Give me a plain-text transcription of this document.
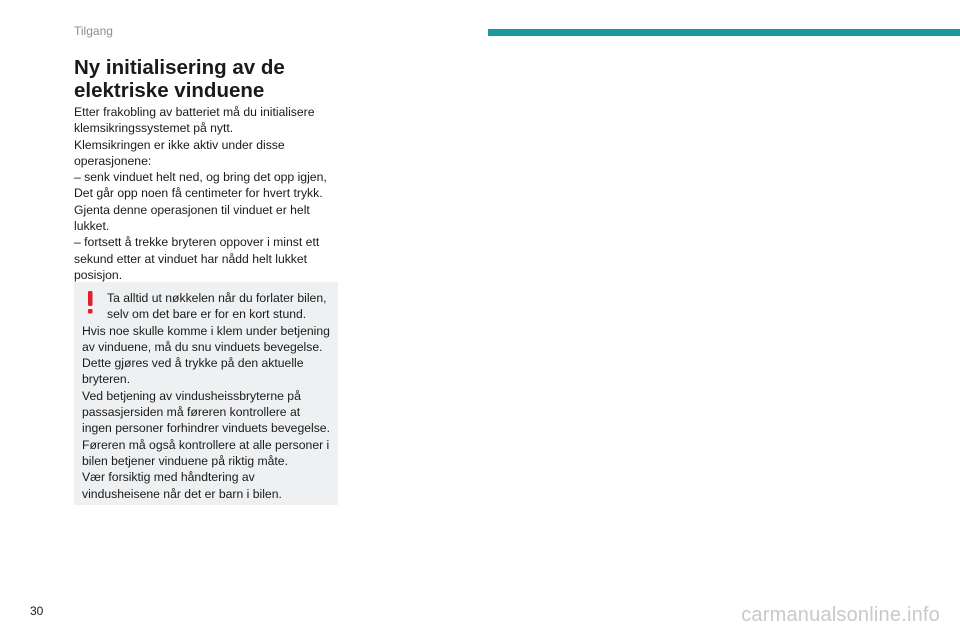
Tilgang
Ny initialisering av de elektriske vinduene

Etter frakobling av batteriet må du initialisere klemsikringssystemet på nytt.

Klemsikringen er ikke aktiv under disse operasjonene:

– senk vinduet helt ned, og bring det opp igjen, Det går opp noen få centimeter for hvert trykk. Gjenta denne operasjonen til vinduet er helt lukket.

– fortsett å trekke bryteren oppover i minst ett sekund etter at vinduet har nådd helt lukket posisjon.

Ta alltid ut nøkkelen når du forlater bilen, selv om det bare er for en kort stund.

Hvis noe skulle komme i klem under betjening av vinduene, må du snu vinduets bevegelse. Dette gjøres ved å trykke på den aktuelle bryteren.

Ved betjening av vindusheissbryterne på passasjersiden må føreren kontrollere at ingen personer forhindrer vinduets bevegelse.

Føreren må også kontrollere at alle personer i bilen betjener vinduene på riktig måte.

Vær forsiktig med håndtering av vindusheisene når det er barn i bilen.

30	carmanualsonline.info
